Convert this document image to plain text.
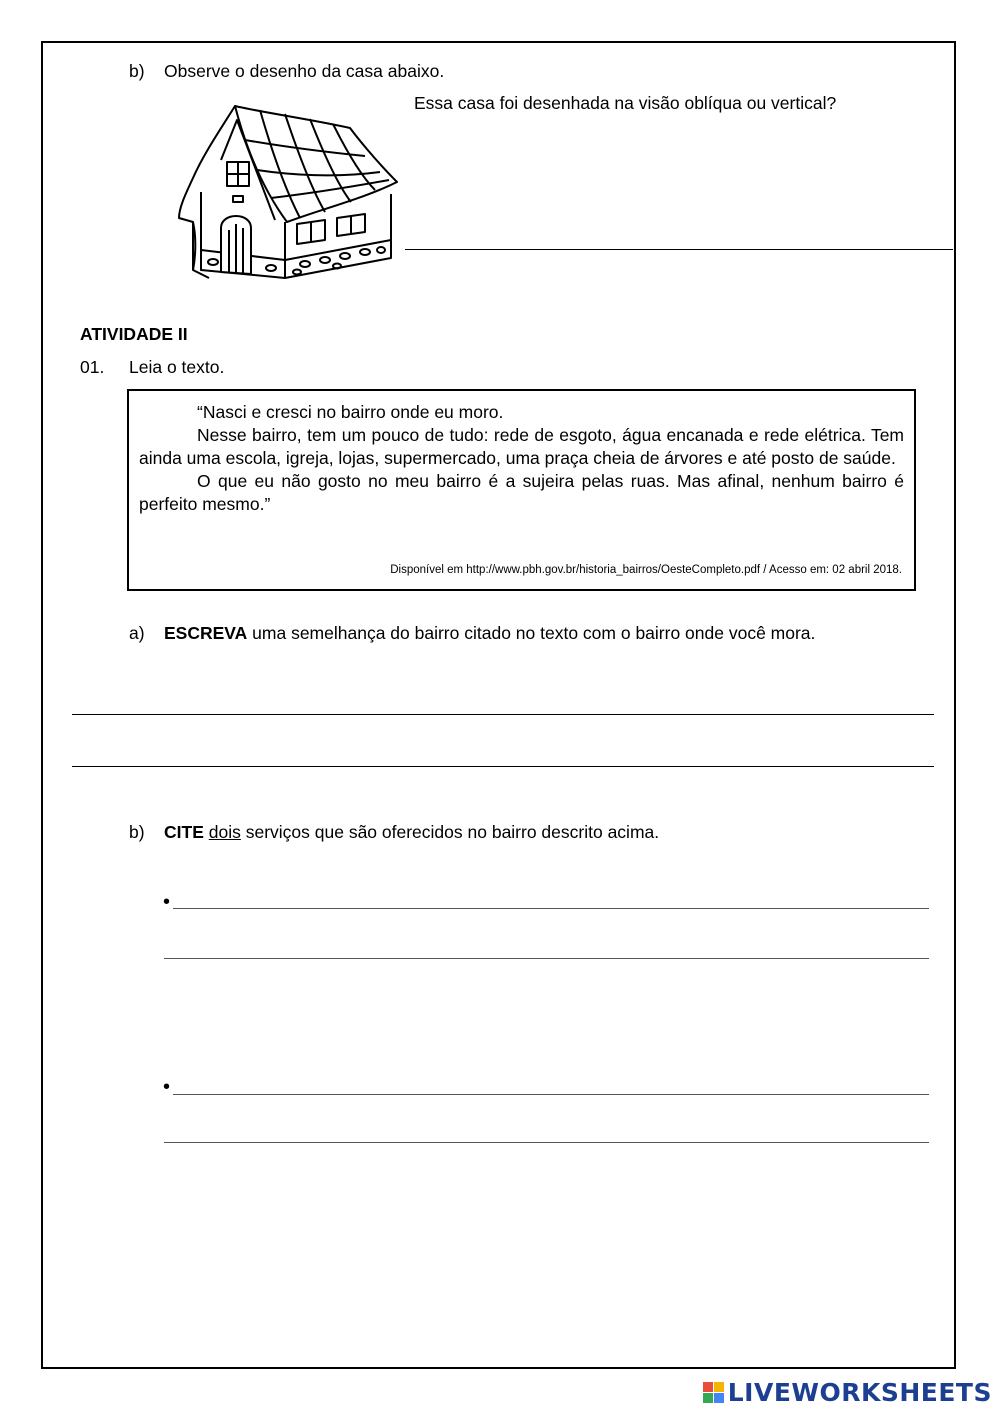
b) Observe o desenho da casa abaixo.
Essa casa foi desenhada na visão oblíqua ou vertical?
ATIVIDADE II
01. Leia o texto.

“Nasci e cresci no bairro onde eu moro.

Nesse bairro, tem um pouco de tudo: rede de esgoto, água encanada e rede elétrica. Tem ainda uma escola, igreja, lojas, supermercado, uma praça cheia de árvores e até posto de saúde.

O que eu não gosto no meu bairro é a sujeira pelas ruas. Mas afinal, nenhum bairro é perfeito mesmo.”

Disponível em http://www.pbh.gov.br/historia_bairros/OesteCompleto.pdf / Acesso em: 02 abril 2018.
a) ESCREVA uma semelhança do bairro citado no texto com o bairro onde você mora.
b) CITE dois serviços que são oferecidos no bairro descrito acima.
•
•
LIVEWORKSHEETS
